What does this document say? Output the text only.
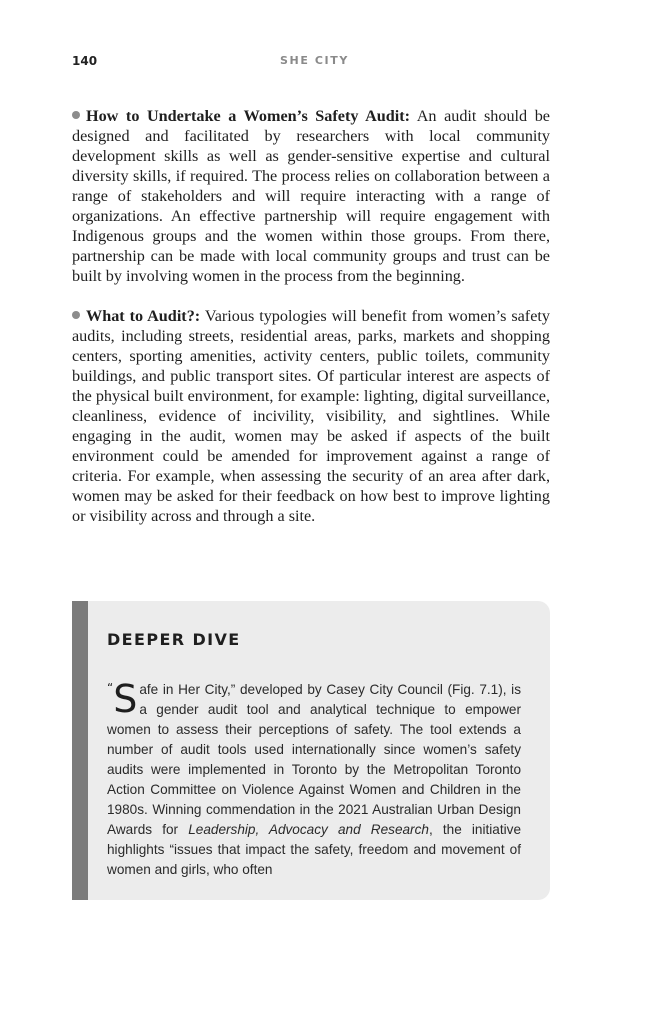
140	SHE CITY

How to Undertake a Women’s Safety Audit: An audit should be designed and facilitated by researchers with local community development skills as well as gender-sensitive expertise and cultural diversity skills, if required. The process relies on collaboration between a range of stakeholders and will require interacting with a range of organizations. An effective partnership will require engagement with Indigenous groups and the women within those groups. From there, partnership can be made with local community groups and trust can be built by involving women in the process from the beginning.

What to Audit?: Various typologies will benefit from women’s safety audits, including streets, residential areas, parks, markets and shopping centers, sporting amenities, activity centers, public toilets, community buildings, and public transport sites. Of particular interest are aspects of the physical built environment, for example: lighting, digital surveillance, cleanliness, evidence of incivility, visibility, and sightlines. While engaging in the audit, women may be asked if aspects of the built environment could be amended for improvement against a range of criteria. For example, when assessing the security of an area after dark, women may be asked for their feedback on how best to improve lighting or visibility across and through a site.

DEEPER DIVE

“S afe in Her City,” developed by Casey City Council (Fig. 7.1), is a gender audit tool and analytical technique to empower women to assess their perceptions of safety. The tool extends a number of audit tools used internationally since women’s safety audits were implemented in Toronto by the Metropolitan Toronto Action Committee on Violence Against Women and Children in the 1980s. Winning commendation in the 2021 Australian Urban Design Awards for Leadership, Advocacy and Research, the initiative highlights “issues that impact the safety, freedom and movement of women and girls, who often
